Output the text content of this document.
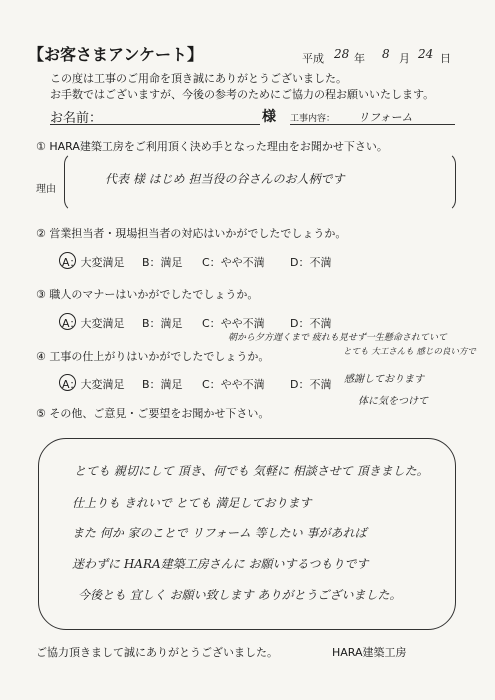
【お客さまアンケート】	平成 28 年 8 月 24 日
この度は工事のご用命を頂き誠にありがとうございました。
お手数ではございますが、今後の参考のためにご協力の程お願いいたします。
お名前：	様 工事内容： リフォーム
① HARA建築工房をご利用頂く決め手となった理由をお聞かせ下さい。
理由
代表 様 はじめ 担当役の谷さんのお人柄です
② 営業担当者・現場担当者の対応はいかがでしたでしょうか。
A：大変満足 B：満足 C：やや不満 D：不満
③ 職人のマナーはいかがでしたでしょうか。
A：大変満足 B：満足 C：やや不満 D：不満
朝から夕方遅くまで 疲れも見せず一生懸命されていて
④ 工事の仕上がりはいかがでしたでしょうか。	とても 大工さんも 感じの良い方で
A：大変満足 B：満足 C：やや不満 D：不満 感謝しております
体に気をつけて
⑤ その他、ご意見・ご要望をお聞かせ下さい。
とても 親切にして 頂き、何でも 気軽に 相談させて 頂きました。
仕上りも きれいで とても 満足しております
また 何か 家のことで リフォーム 等したい 事があれば
迷わずに HARA建築工房さんに お願いするつもりです
今後とも 宜しく お願い致します ありがとうございました。
ご協力頂きまして誠にありがとうございました。	HARA建築工房
